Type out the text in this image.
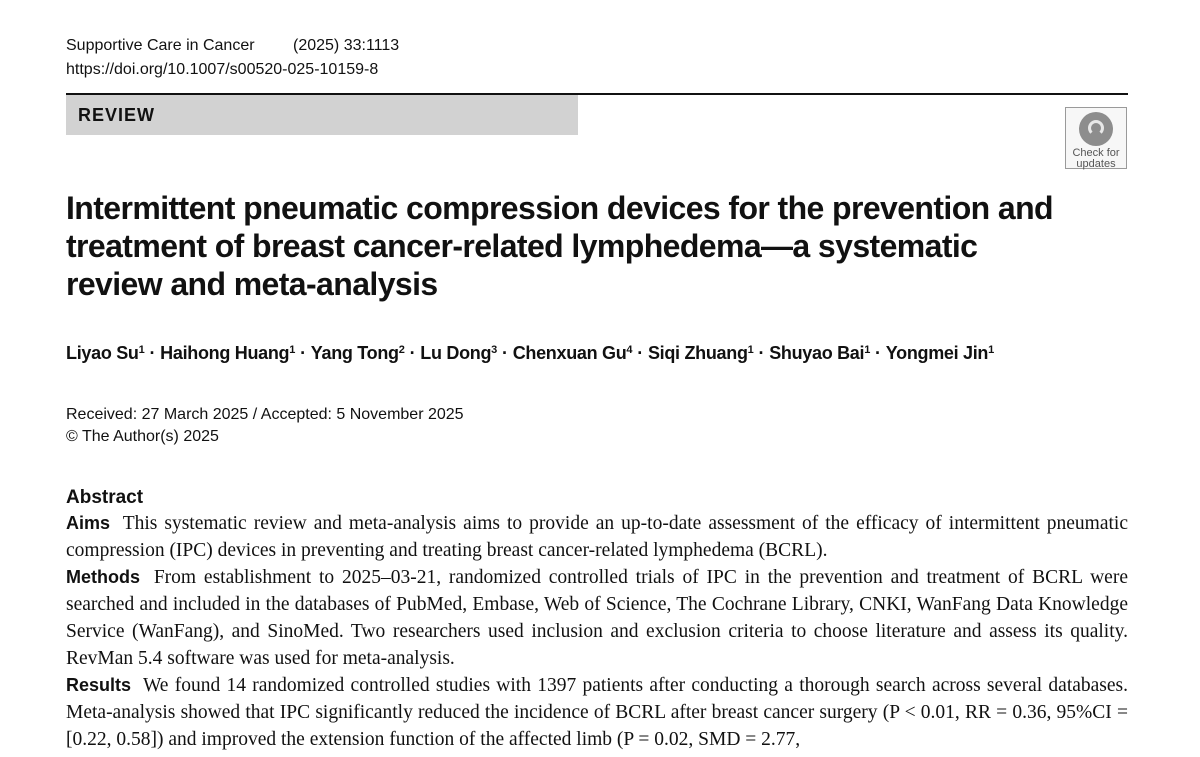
Supportive Care in Cancer (2025) 33:1113
https://doi.org/10.1007/s00520-025-10159-8
REVIEW
Check for
updates
Intermittent pneumatic compression devices for the prevention and treatment of breast cancer-related lymphedema—a systematic review and meta-analysis
Liyao $Su^1$ · Haihong Huang$^1$ · Yang Tong$^2$ · Lu Dong$^3$ · Chenxuan $Gu^4$ · Siqi Zhuang$^1$ · Shuyao Bai$^1$ · Yongmei Jin$^1$
Received: 27 March 2025 / Accepted: 5 November 2025
© The Author(s) 2025
Abstract

Aims This systematic review and meta-analysis aims to provide an up-to-date assessment of the efficacy of intermittent pneumatic compression (IPC) devices in preventing and treating breast cancer-related lymphedema (BCRL).

Methods From establishment to 2025–03-21, randomized controlled trials of IPC in the prevention and treatment of BCRL were searched and included in the databases of PubMed, Embase, Web of Science, The Cochrane Library, CNKI, WanFang Data Knowledge Service (WanFang), and SinoMed. Two researchers used inclusion and exclusion criteria to choose literature and assess its quality. RevMan 5.4 software was used for meta-analysis.

Results We found 14 randomized controlled studies with 1397 patients after conducting a thorough search across several databases. Meta-analysis showed that IPC significantly reduced the incidence of BCRL after breast cancer surgery (P < 0.01, RR = 0.36, 95%CI = [0.22, 0.58]) and improved the extension function of the affected limb (P = 0.02, SMD = 2.77,
